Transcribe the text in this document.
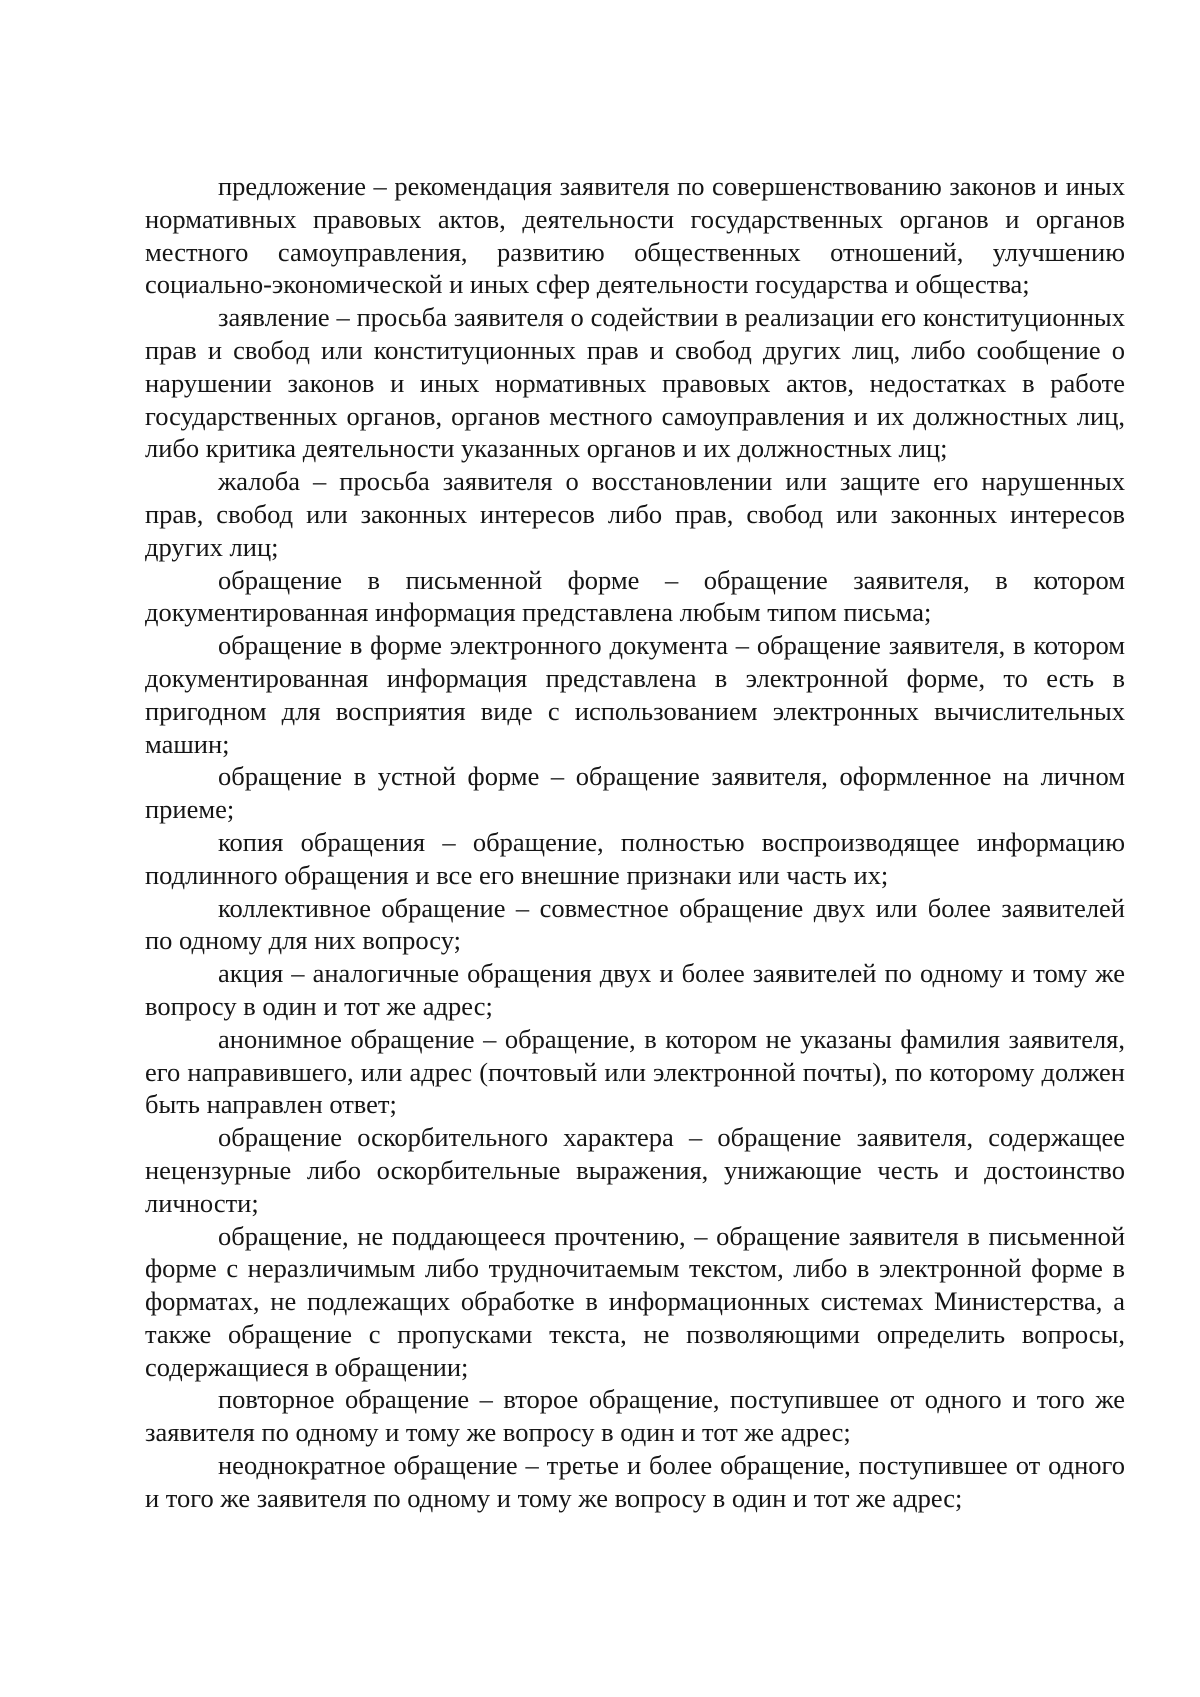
предложение – рекомендация заявителя по совершенствованию законов и иных нормативных правовых актов, деятельности государственных органов и органов местного самоуправления, развитию общественных отношений, улучшению социально-экономической и иных сфер деятельности государства и общества;

заявление – просьба заявителя о содействии в реализации его конституционных прав и свобод или конституционных прав и свобод других лиц, либо сообщение о нарушении законов и иных нормативных правовых актов, недостатках в работе государственных органов, органов местного самоуправления и их должностных лиц, либо критика деятельности указанных органов и их должностных лиц;

жалоба – просьба заявителя о восстановлении или защите его нарушенных прав, свобод или законных интересов либо прав, свобод или законных интересов других лиц;

обращение в письменной форме – обращение заявителя, в котором документированная информация представлена любым типом письма;

обращение в форме электронного документа – обращение заявителя, в котором документированная информация представлена в электронной форме, то есть в пригодном для восприятия виде с использованием электронных вычислительных машин;

обращение в устной форме – обращение заявителя, оформленное на личном приеме;

копия обращения – обращение, полностью воспроизводящее информацию подлинного обращения и все его внешние признаки или часть их;

коллективное обращение – совместное обращение двух или более заявителей по одному для них вопросу;

акция – аналогичные обращения двух и более заявителей по одному и тому же вопросу в один и тот же адрес;

анонимное обращение – обращение, в котором не указаны фамилия заявителя, его направившего, или адрес (почтовый или электронной почты), по которому должен быть направлен ответ;

обращение оскорбительного характера – обращение заявителя, содержащее нецензурные либо оскорбительные выражения, унижающие честь и достоинство личности;

обращение, не поддающееся прочтению, – обращение заявителя в письменной форме с неразличимым либо трудночитаемым текстом, либо в электронной форме в форматах, не подлежащих обработке в информационных системах Министерства, а также обращение с пропусками текста, не позволяющими определить вопросы, содержащиеся в обращении;

повторное обращение – второе обращение, поступившее от одного и того же заявителя по одному и тому же вопросу в один и тот же адрес;

неоднократное обращение – третье и более обращение, поступившее от одного и того же заявителя по одному и тому же вопросу в один и тот же адрес;
